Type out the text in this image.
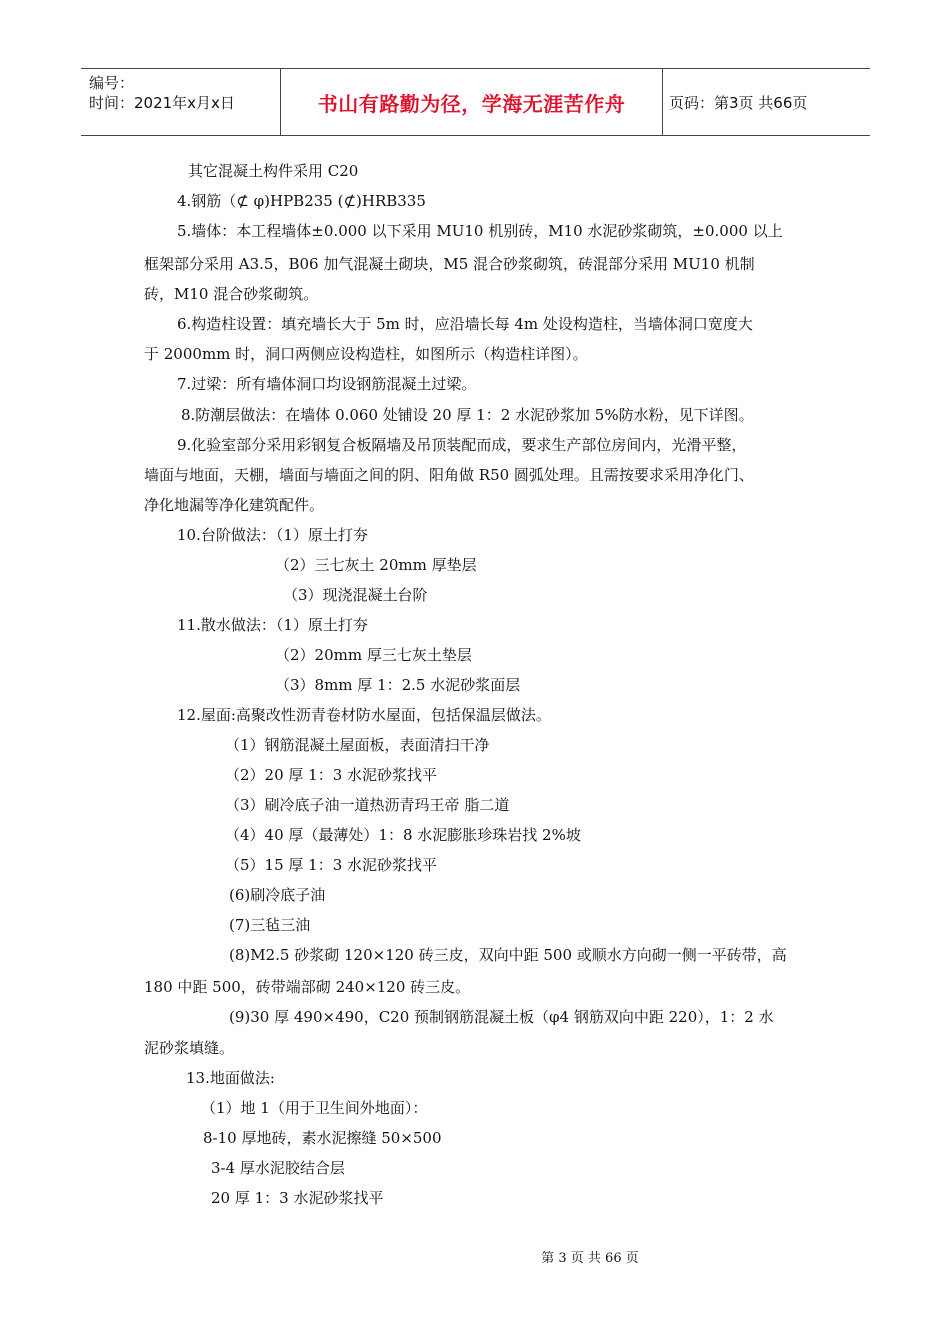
编号：
时间：2021年x月x日	书山有路勤为径，学海无涯苦作舟	页码：第3页 共66页
其它混凝土构件采用 C20
4.钢筋（⊄ φ)HPB235 (⊄)HRB335
5.墙体：本工程墙体±0.000 以下采用 MU10 机别砖，M10 水泥砂浆砌筑，±0.000 以上
框架部分采用 A3.5，B06 加气混凝土砌块，M5 混合砂浆砌筑，砖混部分采用 MU10 机制
砖，M10 混合砂浆砌筑。
6.构造柱设置：填充墙长大于 5m 时，应沿墙长每 4m 处设构造柱，当墙体洞口宽度大
于 2000mm 时，洞口两侧应设构造柱，如图所示（构造柱详图）。
7.过梁：所有墙体洞口均设钢筋混凝土过梁。
8.防潮层做法：在墙体 0.060 处铺设 20 厚 1：2 水泥砂浆加 5%防水粉，见下详图。
9.化验室部分采用彩钢复合板隔墙及吊顶装配而成，要求生产部位房间内，光滑平整，
墙面与地面，天棚，墙面与墙面之间的阴、阳角做 R50 圆弧处理。且需按要求采用净化门、
净化地漏等净化建筑配件。
10.台阶做法：（1）原土打夯
（2）三七灰土 20mm 厚垫层
（3）现浇混凝土台阶
11.散水做法：（1）原土打夯
（2）20mm 厚三七灰土垫层
（3）8mm 厚 1：2.5 水泥砂浆面层
12.屋面:高聚改性沥青卷材防水屋面，包括保温层做法。
（1）钢筋混凝土屋面板，表面清扫干净
（2）20 厚 1：3 水泥砂浆找平
（3）刷冷底子油一道热沥青玛王帝 脂二道
（4）40 厚（最薄处）1：8 水泥膨胀珍珠岩找 2%坡
（5）15 厚 1：3 水泥砂浆找平
(6)刷冷底子油
(7)三毡三油
(8)M2.5 砂浆砌 120×120 砖三皮，双向中距 500 或顺水方向砌一侧一平砖带，高
180 中距 500，砖带端部砌 240×120 砖三皮。
(9)30 厚 490×490，C20 预制钢筋混凝土板（φ4 钢筋双向中距 220），1：2 水
泥砂浆填缝。
13.地面做法:
（1）地 1（用于卫生间外地面）：
8-10 厚地砖，素水泥擦缝 50×500
3-4 厚水泥胶结合层
20 厚 1：3 水泥砂浆找平
第 3 页 共 66 页
